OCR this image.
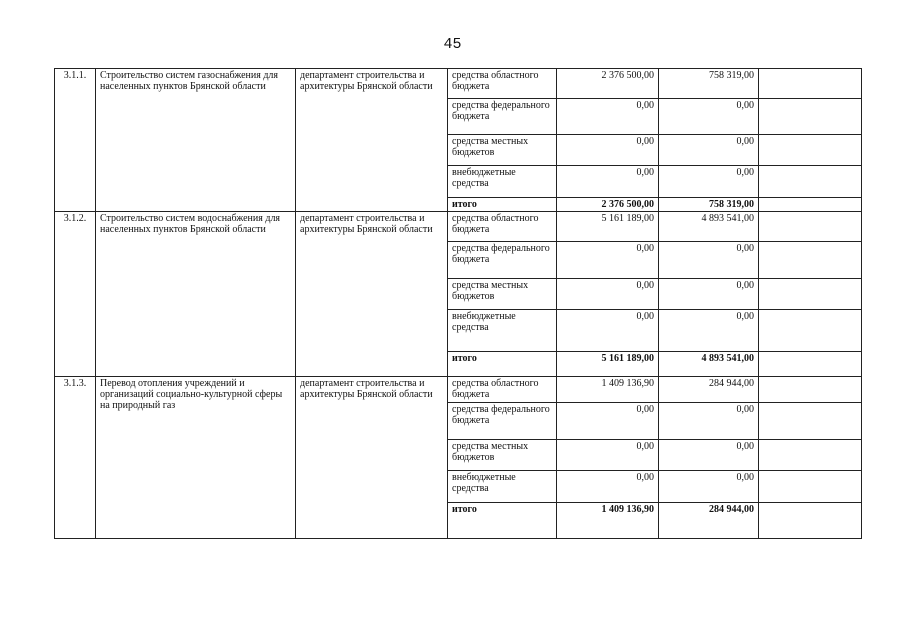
45
3.1.1.	Строительство систем газоснабжения для населенных пунктов Брянской области	департамент строительства и архитектуры Брянской области	средства областного бюджета	2 376 500,00	758 319,00	
			средства федерального бюджета	0,00	0,00	
			средства местных бюджетов	0,00	0,00	
			внебюджетные средства	0,00	0,00	
			итого	2 376 500,00	758 319,00	
3.1.2.	Строительство систем водоснабжения для населенных пунктов Брянской области	департамент строительства и архитектуры Брянской области	средства областного бюджета	5 161 189,00	4 893 541,00	
			средства федерального бюджета	0,00	0,00	
			средства местных бюджетов	0,00	0,00	
			внебюджетные средства	0,00	0,00	
			итого	5 161 189,00	4 893 541,00	
3.1.3.	Перевод отопления учреждений и организаций социально-культурной сферы на природный газ	департамент строительства и архитектуры Брянской области	средства областного бюджета	1 409 136,90	284 944,00	
			средства федерального бюджета	0,00	0,00	
			средства местных бюджетов	0,00	0,00	
			внебюджетные средства	0,00	0,00	
			итого	1 409 136,90	284 944,00	
